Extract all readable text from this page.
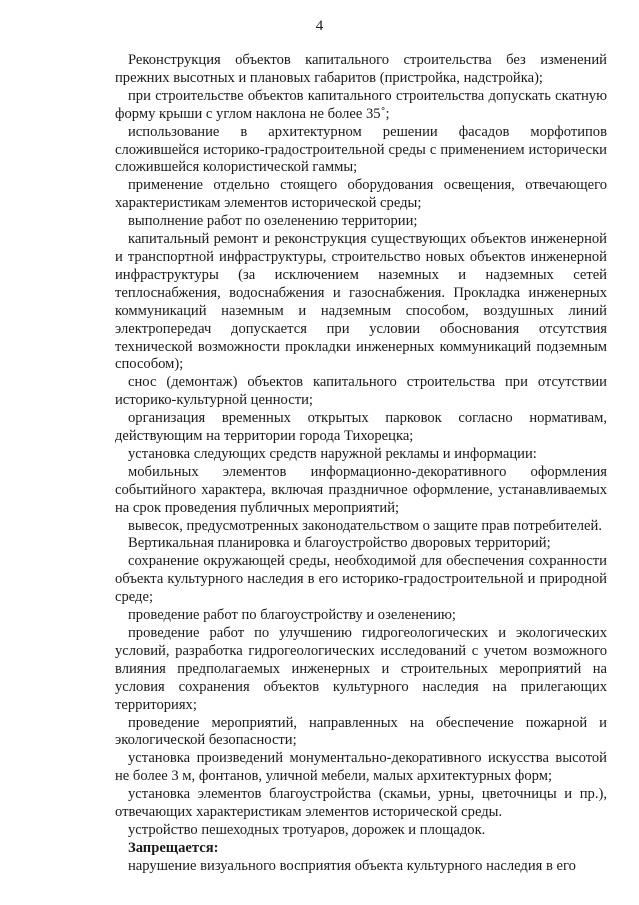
4

Реконструкция объектов капитального строительства без изменений прежних высотных и плановых габаритов (пристройка, надстройка);

при строительстве объектов капитального строительства допускать скатную форму крыши с углом наклона не более 35˚;

использование в архитектурном решении фасадов морфотипов сложившейся историко-градостроительной среды с применением исторически сложившейся колористической гаммы;

применение отдельно стоящего оборудования освещения, отвечающего характеристикам элементов исторической среды;

выполнение работ по озеленению территории;

капитальный ремонт и реконструкция существующих объектов инженерной и транспортной инфраструктуры, строительство новых объектов инженерной инфраструктуры (за исключением наземных и надземных сетей теплоснабжения, водоснабжения и газоснабжения. Прокладка инженерных коммуникаций наземным и надземным способом, воздушных линий электропередач допускается при условии обоснования отсутствия технической возможности прокладки инженерных коммуникаций подземным способом);

снос (демонтаж) объектов капитального строительства при отсутствии историко-культурной ценности;

организация временных открытых парковок согласно нормативам, действующим на территории города Тихорецка;

установка следующих средств наружной рекламы и информации:

мобильных элементов информационно-декоративного оформления событийного характера, включая праздничное оформление, устанавливаемых на срок проведения публичных мероприятий;

вывесок, предусмотренных законодательством о защите прав потребителей.

Вертикальная планировка и благоустройство дворовых территорий;

сохранение окружающей среды, необходимой для обеспечения сохранности объекта культурного наследия в его историко-градостроительной и природной среде;

проведение работ по благоустройству и озеленению;

проведение работ по улучшению гидрогеологических и экологических условий, разработка гидрогеологических исследований с учетом возможного влияния предполагаемых инженерных и строительных мероприятий на условия сохранения объектов культурного наследия на прилегающих территориях;

проведение мероприятий, направленных на обеспечение пожарной и экологической безопасности;

установка произведений монументально-декоративного искусства высотой не более 3 м, фонтанов, уличной мебели, малых архитектурных форм;

установка элементов благоустройства (скамьи, урны, цветочницы и пр.), отвечающих характеристикам элементов исторической среды.

устройство пешеходных тротуаров, дорожек и площадок.

Запрещается:

нарушение визуального восприятия объекта культурного наследия в его
